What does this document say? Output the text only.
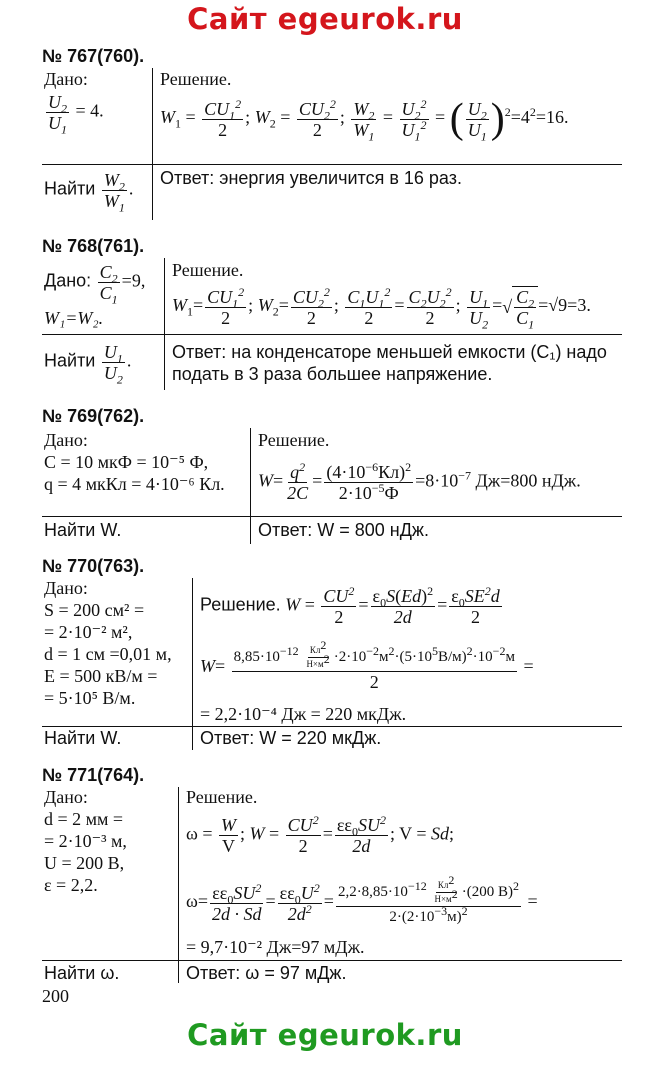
Сайт egeurok.ru
№ 767(760).
Дано:
$\frac{U_2}{U_1} = 4$.
Решение.
$W_1 = \frac{CU_1^2}{2}$ ; $W_2 = \frac{CU_2^2}{2}$ ; $\frac{W_2}{W_1} = \frac{U_2^2}{U_1^2}$ = ( $\frac{U_2}{U_1} )^2=4^2=16$.
Найти $\frac{W_2}{W_1}$ .
Ответ: энергия увеличится в 16 раз.
№ 768(761).
Дано: $\frac{C_2}{C_1} =9$,
W₁=W₂.
Решение.
$W_1= \frac{CU_1^2}{2}$ ; $W_2= \frac{CU_2^2}{2}$ ; $\frac{C_1U_1^2}{2} = \frac{C_2U_2^2}{2}$ ; $\frac{U_1}{U_2}$ =√ $\frac{C_2}{C_1} =√9=3$.
Найти $\frac{U_1}{U_2}$ . Ответ: на конденсаторе меньшей емкости (C₁) надо
подать в 3 раза большее напряжение.
№ 769(762).
Дано:
C = 10 мкФ = 10⁻⁵ Ф,
q = 4 мкКл = 4·10⁻⁶ Кл.
Решение.
$W= \frac{q^2}{2C} = \frac{(4\cdot 10^{-6}Кл)^2}{2\cdot 10^{-5}Ф} =8\cdot 10^{-7}$ Дж=800 нДж.
Найти W.	Ответ: W = 800 нДж.
№ 770(763).
Дано:
S = 200 см² =
= 2·10⁻² м²,
d = 1 см =0,01 м,
E = 500 кВ/м =
= 5·10⁵ В/м.
Решение. $W = \frac{CU^2}{2} = \frac{\varepsilon_0S(Ed)^2}{2d} = \frac{\varepsilon_0SE^2d}{2}$
$W= \frac{8,85\cdot 10^{-12} \frac{Кл^2}{Н\times м^2} \cdot 2\cdot 10^{-2}м^2\cdot(5\cdot 10^5В/м)^2\cdot 10^{-2}м}{2}$ =
= 2,2·10⁻⁴ Дж = 220 мкДж.
Найти W.	Ответ: W = 220 мкДж.
№ 771(764).
Дано:
d = 2 мм =
= 2·10⁻³ м,
U = 200 В,
ε = 2,2.
Решение.
$\omega = \frac{W}{V}$ ; $W = \frac{CU^2}{2} = \frac{\varepsilon\varepsilon_0SU^2}{2d}$ ; V = Sd;
$\omega= \frac{\varepsilon\varepsilon_0SU^2}{2d \cdot Sd} = \frac{\varepsilon\varepsilon_0U^2}{2d^2} = \frac{2,2\cdot 8,85\cdot 10^{-12} \frac{Кл^2}{Н\times м^2} \cdot(200 В)^2}{2\cdot(2\cdot 10^{-3}м)^2}$ =
= 9,7·10⁻² Дж=97 мДж.
Найти ω.	Ответ: ω = 97 мДж.
200
Сайт egeurok.ru
